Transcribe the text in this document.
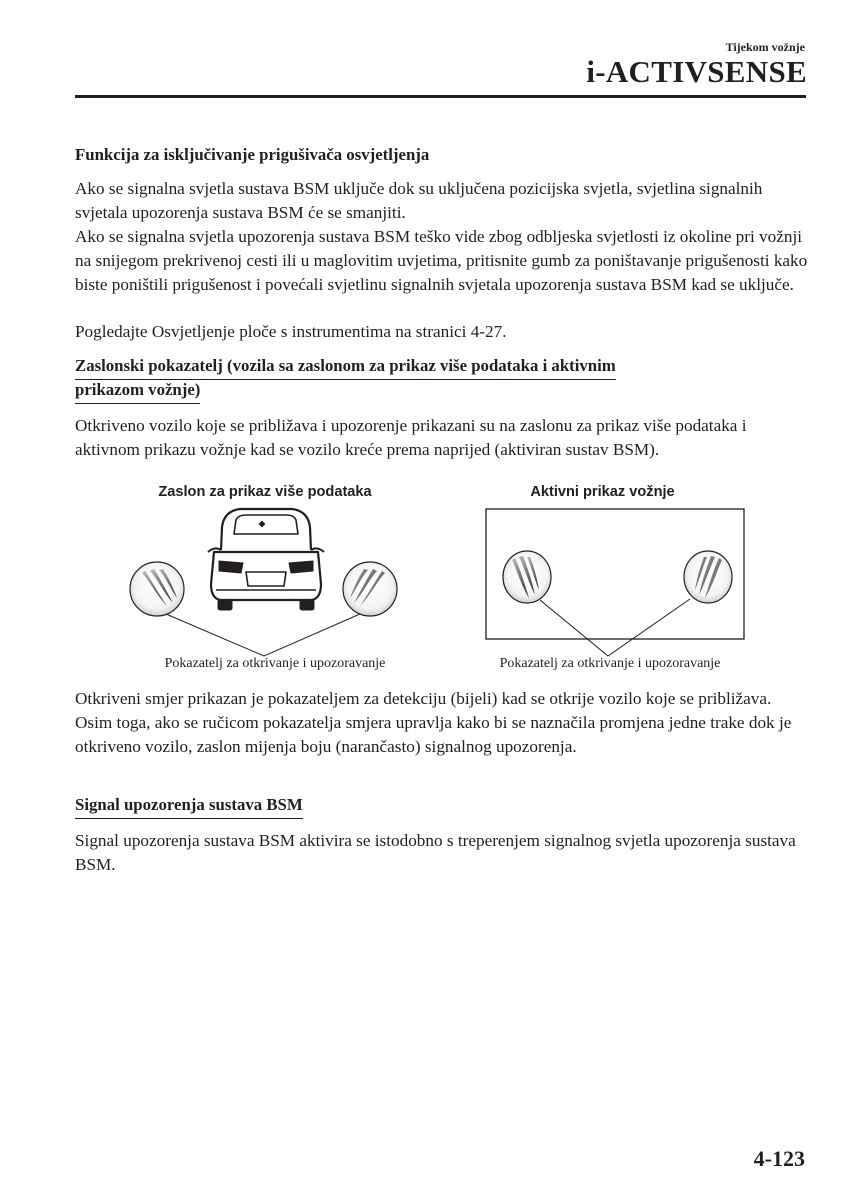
Tijekom vožnje
i-ACTIVSENSE
Funkcija za isključivanje prigušivača osvjetljenja

Ako se signalna svjetla sustava BSM uključe dok su uključena pozicijska svjetla, svjetlina signalnih svjetala upozorenja sustava BSM će se smanjiti.

Ako se signalna svjetla upozorenja sustava BSM teško vide zbog odbljeska svjetlosti iz okoline pri vožnji na snijegom prekrivenoj cesti ili u maglovitim uvjetima, pritisnite gumb za poništavanje prigušenosti kako biste poništili prigušenost i povećali svjetlinu signalnih svjetala upozorenja sustava BSM kad se uključe.

Pogledajte Osvjetljenje ploče s instrumentima na stranici 4-27.

Zaslonski pokazatelj (vozila sa zaslonom za prikaz više podataka i aktivnim
prikazom vožnje)

Otkriveno vozilo koje se približava i upozorenje prikazani su na zaslonu za prikaz više podataka i aktivnom prikazu vožnje kad se vozilo kreće prema naprijed (aktiviran sustav BSM).

Zaslon za prikaz više podataka	Aktivni prikaz vožnje
Pokazatelj za otkrivanje i upozoravanje	Pokazatelj za otkrivanje i upozoravanje

Otkriveni smjer prikazan je pokazateljem za detekciju (bijeli) kad se otkrije vozilo koje se približava. Osim toga, ako se ručicom pokazatelja smjera upravlja kako bi se naznačila promjena jedne trake dok je otkriveno vozilo, zaslon mijenja boju (narančasto) signalnog upozorenja.

Signal upozorenja sustava BSM

Signal upozorenja sustava BSM aktivira se istodobno s treperenjem signalnog svjetla upozorenja sustava BSM.

4-123
